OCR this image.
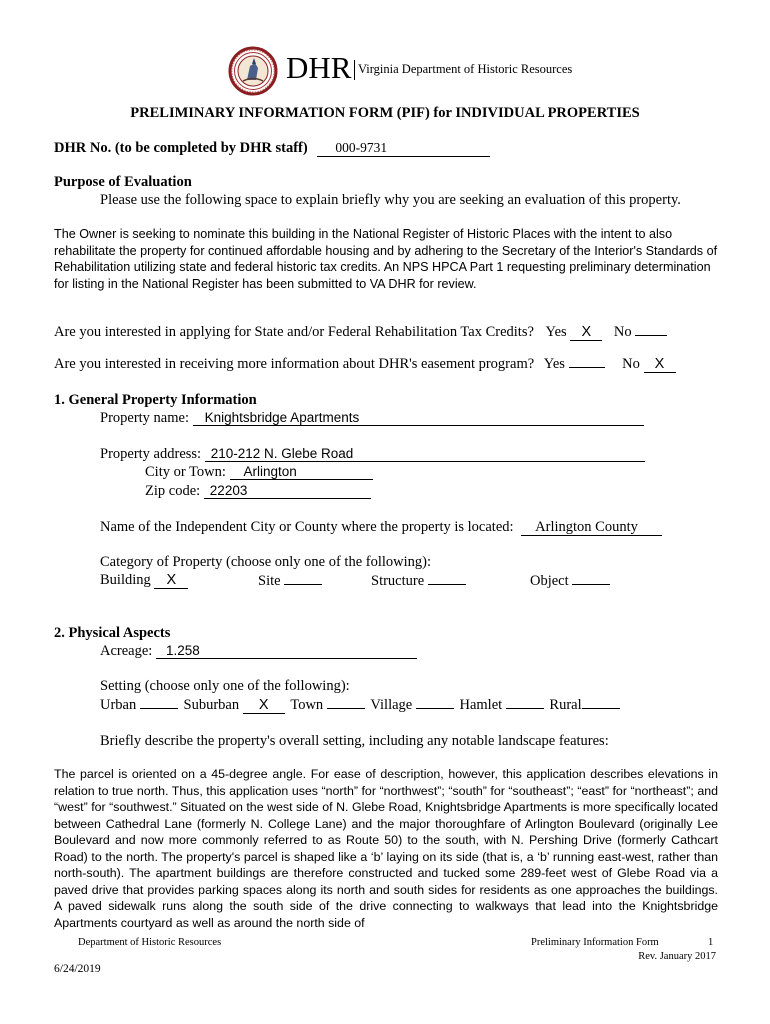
DHR Virginia Department of Historic Resources
PRELIMINARY INFORMATION FORM (PIF) for INDIVIDUAL PROPERTIES
DHR No. (to be completed by DHR staff) 000-9731
Purpose of Evaluation
Please use the following space to explain briefly why you are seeking an evaluation of this property.
The Owner is seeking to nominate this building in the National Register of Historic Places with the intent to also rehabilitate the property for continued affordable housing and by adhering to the Secretary of the Interior's Standards of Rehabilitation utilizing state and federal historic tax credits. An NPS HPCA Part 1 requesting preliminary determination for listing in the National Register has been submitted to VA DHR for review.
Are you interested in applying for State and/or Federal Rehabilitation Tax Credits? Yes X No
Are you interested in receiving more information about DHR's easement program? Yes	No X
1. General Property Information
Property name: Knightsbridge Apartments
Property address: 210-212 N. Glebe Road
City or Town: Arlington
Zip code: 22203
Name of the Independent City or County where the property is located: Arlington County
Category of Property (choose only one of the following):
Building X	Site	Structure	Object
2. Physical Aspects
Acreage: 1.258
Setting (choose only one of the following):
Urban	Suburban X Town	Village	Hamlet	Rural
Briefly describe the property's overall setting, including any notable landscape features:
The parcel is oriented on a 45-degree angle. For ease of description, however, this application describes elevations in relation to true north. Thus, this application uses “north” for “northwest”; “south” for “southeast”; “east” for “northeast”; and “west” for “southwest.” Situated on the west side of N. Glebe Road, Knightsbridge Apartments is more specifically located between Cathedral Lane (formerly N. College Lane) and the major thoroughfare of Arlington Boulevard (originally Lee Boulevard and now more commonly referred to as Route 50) to the south, with N. Pershing Drive (formerly Cathcart Road) to the north. The property's parcel is shaped like a ‘b’ laying on its side (that is, a ‘b’ running east-west, rather than north-south). The apartment buildings are therefore constructed and tucked some 289-feet west of Glebe Road via a paved drive that provides parking spaces along its north and south sides for residents as one approaches the buildings. A paved sidewalk runs along the south side of the drive connecting to walkways that lead into the Knightsbridge Apartments courtyard as well as around the north side of
Department of Historic Resources	Preliminary Information Form	1
Rev. January 2017
6/24/2019
